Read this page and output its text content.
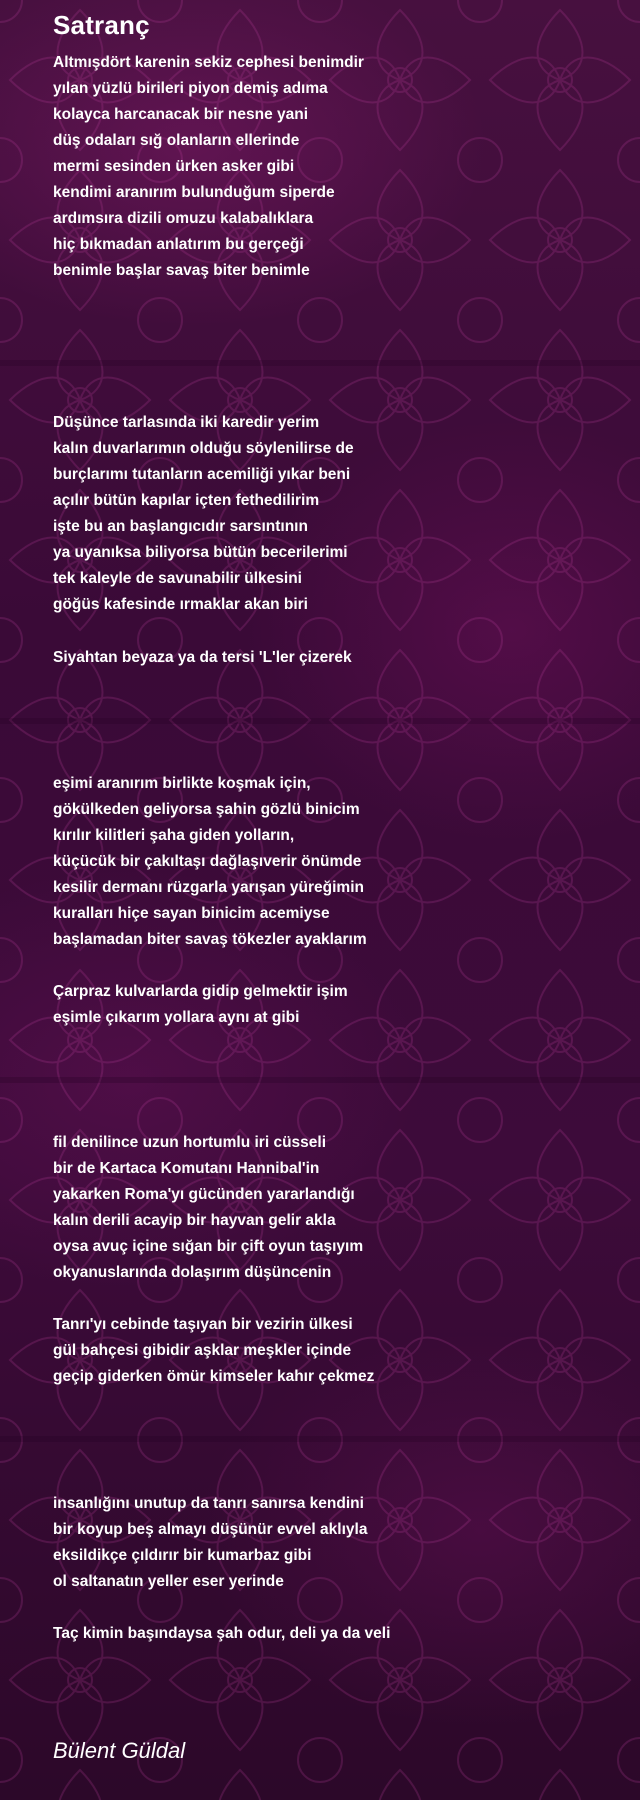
Satranç
Altmışdört karenin sekiz cephesi benimdir
yılan yüzlü birileri piyon demiş adıma
kolayca harcanacak bir nesne yani
düş odaları sığ olanların ellerinde
mermi sesinden ürken asker gibi
kendimi aranırım bulunduğum siperde
ardımsıra dizili omuzu kalabalıklara
hiç bıkmadan anlatırım bu gerçeği
benimle başlar savaş biter benimle
Düşünce tarlasında iki karedir yerim
kalın duvarlarımın olduğu söylenilirse de
burçlarımı tutanların acemiliği yıkar beni
açılır bütün kapılar içten fethedilirim
işte bu an başlangıcıdır sarsıntının
ya uyanıksa biliyorsa bütün becerilerimi
tek kaleyle de savunabilir ülkesini
göğüs kafesinde ırmaklar akan biri
Siyahtan beyaza ya da tersi 'L'ler çizerek
eşimi aranırım birlikte koşmak için,
gökülkeden geliyorsa şahin gözlü binicim
kırılır kilitleri şaha giden yolların,
küçücük bir çakıltaşı dağlaşıverir önümde
kesilir dermanı rüzgarla yarışan yüreğimin
kuralları hiçe sayan binicim acemiyse
başlamadan biter savaş tökezler ayaklarım
Çarpraz kulvarlarda gidip gelmektir işim
eşimle çıkarım yollara aynı at gibi
fil denilince uzun hortumlu iri cüsseli
bir de Kartaca Komutanı Hannibal'in
yakarken Roma'yı gücünden yararlandığı
kalın derili acayip bir hayvan gelir akla
oysa avuç içine sığan bir çift oyun taşıyım
okyanuslarında dolaşırım düşüncenin
Tanrı'yı cebinde taşıyan bir vezirin ülkesi
gül bahçesi gibidir aşklar meşkler içinde
geçip giderken ömür kimseler kahır çekmez
insanlığını unutup da tanrı sanırsa kendini
bir koyup beş almayı düşünür evvel aklıyla
eksildikçe çıldırır bir kumarbaz gibi
ol saltanatın yeller eser yerinde
Taç kimin başındaysa şah odur, deli ya da veli
Bülent Güldal
